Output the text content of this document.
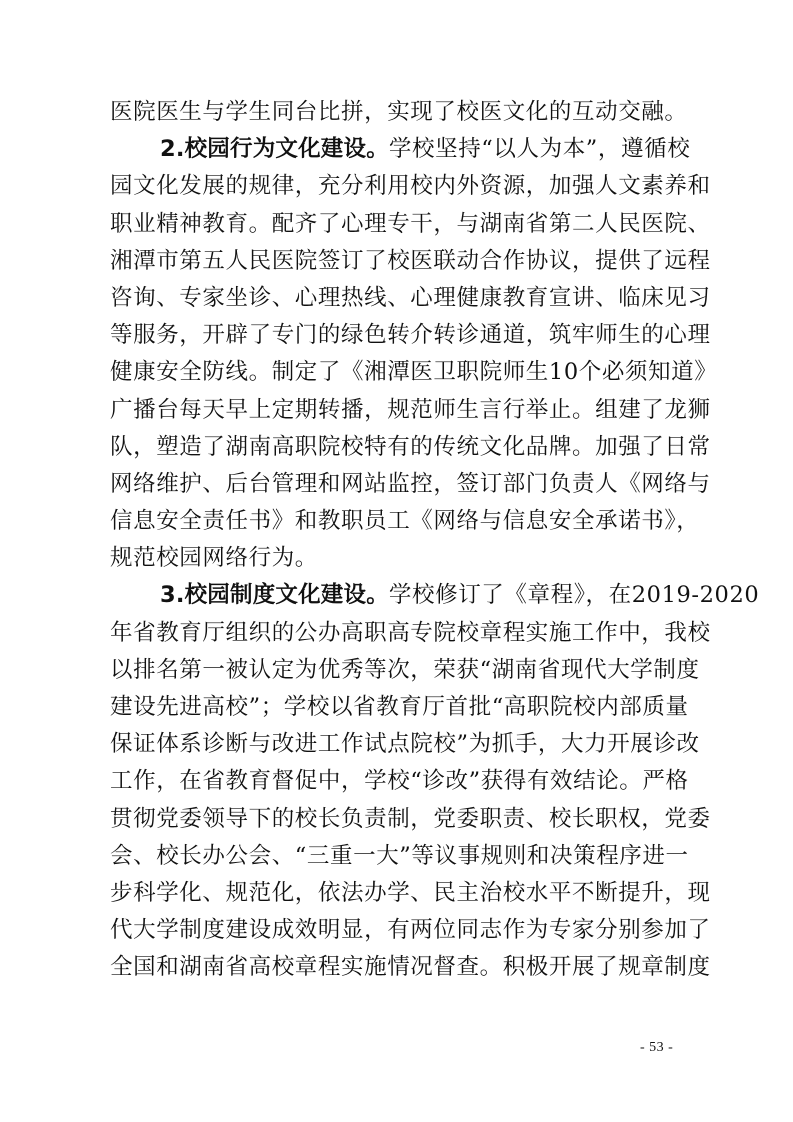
医院医生与学生同台比拼，实现了校医文化的互动交融。
2.校园行为文化建设。学校坚持“以人为本”，遵循校
园文化发展的规律，充分利用校内外资源，加强人文素养和
职业精神教育。配齐了心理专干，与湖南省第二人民医院、
湘潭市第五人民医院签订了校医联动合作协议，提供了远程
咨询、专家坐诊、心理热线、心理健康教育宣讲、临床见习
等服务，开辟了专门的绿色转介转诊通道，筑牢师生的心理
健康安全防线。制定了《湘潭医卫职院师生10个必须知道》
广播台每天早上定期转播，规范师生言行举止。组建了龙狮
队，塑造了湖南高职院校特有的传统文化品牌。加强了日常
网络维护、后台管理和网站监控，签订部门负责人《网络与
信息安全责任书》和教职员工《网络与信息安全承诺书》，
规范校园网络行为。
3.校园制度文化建设。学校修订了《章程》，在2019-2020
年省教育厅组织的公办高职高专院校章程实施工作中，我校
以排名第一被认定为优秀等次，荣获“湖南省现代大学制度
建设先进高校”；学校以省教育厅首批“高职院校内部质量
保证体系诊断与改进工作试点院校”为抓手，大力开展诊改
工作，在省教育督促中，学校“诊改”获得有效结论。严格
贯彻党委领导下的校长负责制，党委职责、校长职权，党委
会、校长办公会、“三重一大”等议事规则和决策程序进一
步科学化、规范化，依法办学、民主治校水平不断提升，现
代大学制度建设成效明显，有两位同志作为专家分别参加了
全国和湖南省高校章程实施情况督查。积极开展了规章制度
- 53 -
